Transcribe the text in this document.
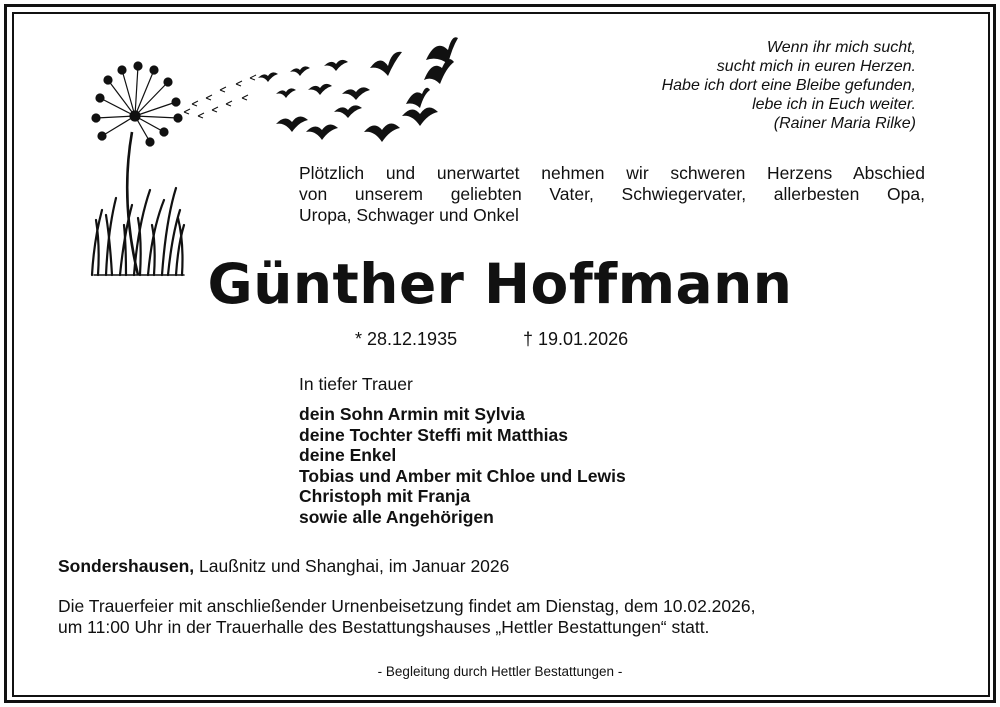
Wenn ihr mich sucht,
sucht mich in euren Herzen.
Habe ich dort eine Bleibe gefunden,
lebe ich in Euch weiter.
(Rainer Maria Rilke)
Plötzlich und unerwartet nehmen wir schweren Herzens Abschied
von unserem geliebten Vater, Schwiegervater, allerbesten Opa,
Uropa, Schwager und Onkel
Günther Hoffmann
* 28.12.1935	† 19.01.2026
In tiefer Trauer
dein Sohn Armin mit Sylvia
deine Tochter Steffi mit Matthias
deine Enkel
Tobias und Amber mit Chloe und Lewis
Christoph mit Franja
sowie alle Angehörigen
Sondershausen, Laußnitz und Shanghai, im Januar 2026
Die Trauerfeier mit anschließender Urnenbeisetzung findet am Dienstag, dem 10.02.2026,
um 11:00 Uhr in der Trauerhalle des Bestattungshauses „Hettler Bestattungen“ statt.
- Begleitung durch Hettler Bestattungen -
